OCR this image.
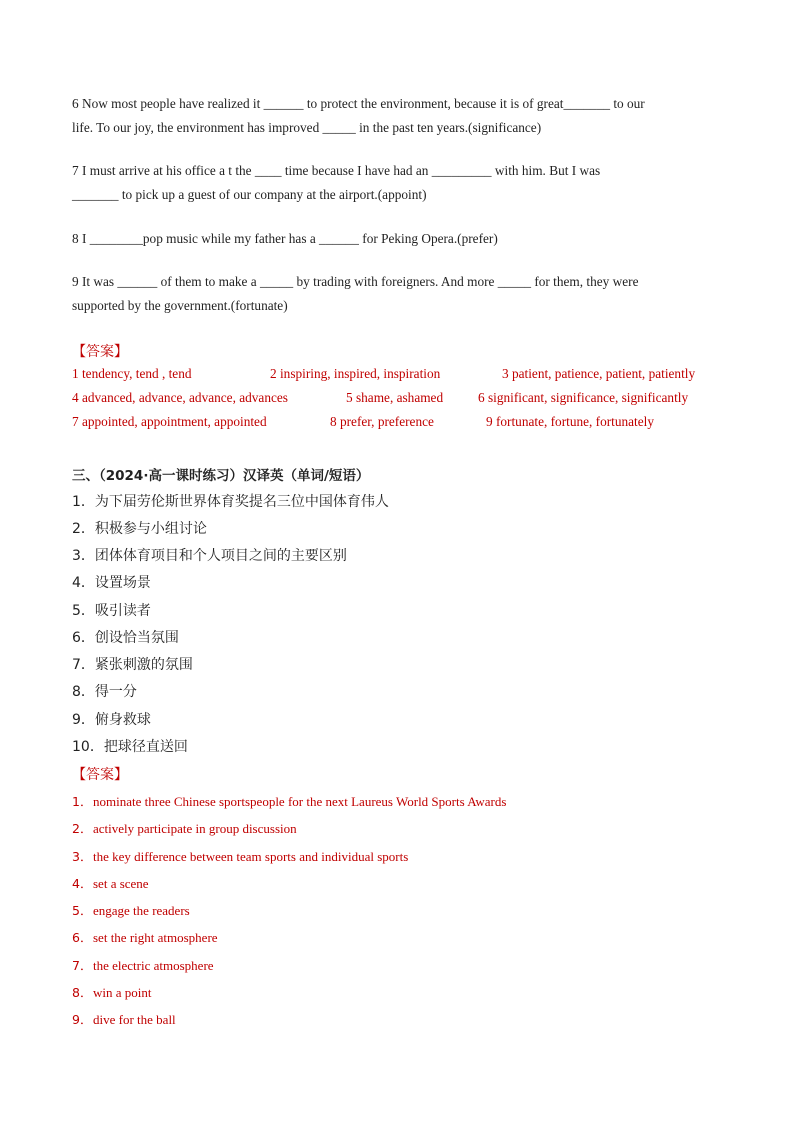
6 Now most people have realized it ______ to protect the environment, because it is of great_______ to our
life. To our joy, the environment has improved _____ in the past ten years.(significance)
7 I must arrive at his office a t the ____ time because I have had an _________ with him. But I was
_______ to pick up a guest of our company at the airport.(appoint)
8 I ________pop music while my father has a ______ for Peking Opera.(prefer)
9 It was ______ of them to make a _____ by trading with foreigners. And more _____ for them, they were
supported by the government.(fortunate)
【答案】
1 tendency, tend , tend	2 inspiring, inspired, inspiration	3 patient, patience, patient, patiently
4 advanced, advance, advance, advances	5 shame, ashamed	6 significant, significance, significantly
7 appointed, appointment, appointed	8 prefer, preference	9 fortunate, fortune, fortunately
三、（2024·高一课时练习）汉译英（单词/短语）
1．为下届劳伦斯世界体育奖提名三位中国体育伟人
2．积极参与小组讨论
3．团体体育项目和个人项目之间的主要区别
4．设置场景
5．吸引读者
6．创设恰当氛围
7．紧张刺激的氛围
8．得一分
9．俯身救球
10．把球径直送回
【答案】
1．nominate three Chinese sportspeople for the next Laureus World Sports Awards
2．actively participate in group discussion
3．the key difference between team sports and individual sports
4．set a scene
5．engage the readers
6．set the right atmosphere
7．the electric atmosphere
8．win a point
9．dive for the ball
